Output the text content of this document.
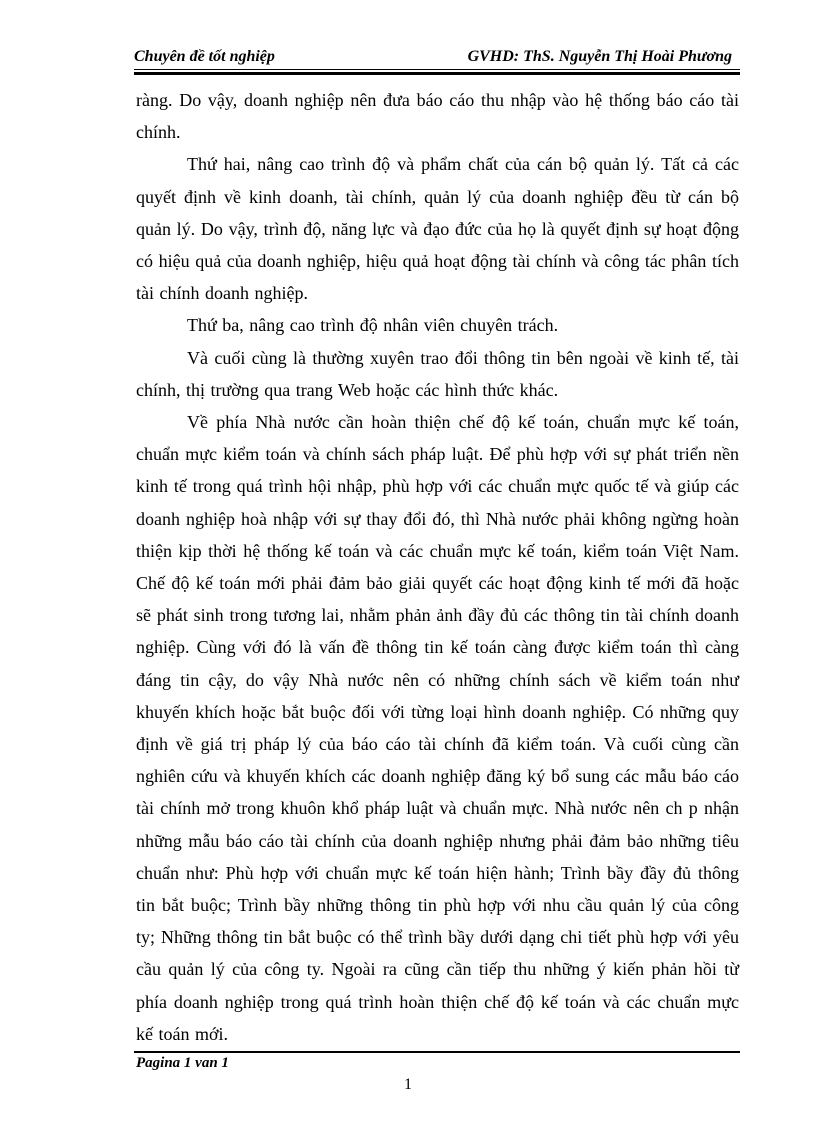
Chuyên đề tốt nghiệp	GVHD: ThS. Nguyễn Thị Hoài Phương

ràng. Do vậy, doanh nghiệp nên đưa báo cáo thu nhập vào hệ thống báo cáo tài chính.

Thứ hai, nâng cao trình độ và phẩm chất của cán bộ quản lý. Tất cả các quyết định về kinh doanh, tài chính, quản lý của doanh nghiệp đều từ cán bộ quản lý. Do vậy, trình độ, năng lực và đạo đức của họ là quyết định sự hoạt động có hiệu quả của doanh nghiệp, hiệu quả hoạt động tài chính và công tác phân tích tài chính doanh nghiệp.

Thứ ba, nâng cao trình độ nhân viên chuyên trách.

Và cuối cùng là thường xuyên trao đổi thông tin bên ngoài về kinh tế, tài chính, thị trường qua trang Web hoặc các hình thức khác.

Về phía Nhà nước cần hoàn thiện chế độ kế toán, chuẩn mực kế toán, chuẩn mực kiểm toán và chính sách pháp luật. Để phù hợp với sự phát triển nền kinh tế trong quá trình hội nhập, phù hợp với các chuẩn mực quốc tế và giúp các doanh nghiệp hoà nhập với sự thay đổi đó, thì Nhà nước phải không ngừng hoàn thiện kịp thời hệ thống kế toán và các chuẩn mực kế toán, kiểm toán Việt Nam. Chế độ kế toán mới phải đảm bảo giải quyết các hoạt động kinh tế mới đã hoặc sẽ phát sinh trong tương lai, nhằm phản ảnh đầy đủ các thông tin tài chính doanh nghiệp. Cùng với đó là vấn đề thông tin kế toán càng được kiểm toán thì càng đáng tin cậy, do vậy Nhà nước nên có những chính sách về kiểm toán như khuyến khích hoặc bắt buộc đối với từng loại hình doanh nghiệp. Có những quy định về giá trị pháp lý của báo cáo tài chính đã kiểm toán. Và cuối cùng cần nghiên cứu và khuyến khích các doanh nghiệp đăng ký bổ sung các mẫu báo cáo tài chính mở trong khuôn khổ pháp luật và chuẩn mực. Nhà nước nên ch p nhận những mẫu báo cáo tài chính của doanh nghiệp nhưng phải đảm bảo những tiêu chuẩn như: Phù hợp với chuẩn mực kế toán hiện hành; Trình bầy đầy đủ thông tin bắt buộc; Trình bầy những thông tin phù hợp với nhu cầu quản lý của công ty; Những thông tin bắt buộc có thể trình bầy dưới dạng chi tiết phù hợp với yêu cầu quản lý của công ty. Ngoài ra cũng cần tiếp thu những ý kiến phản hồi từ phía doanh nghiệp trong quá trình hoàn thiện chế độ kế toán và các chuẩn mực kế toán mới.

Pagina 1 van 1
1
